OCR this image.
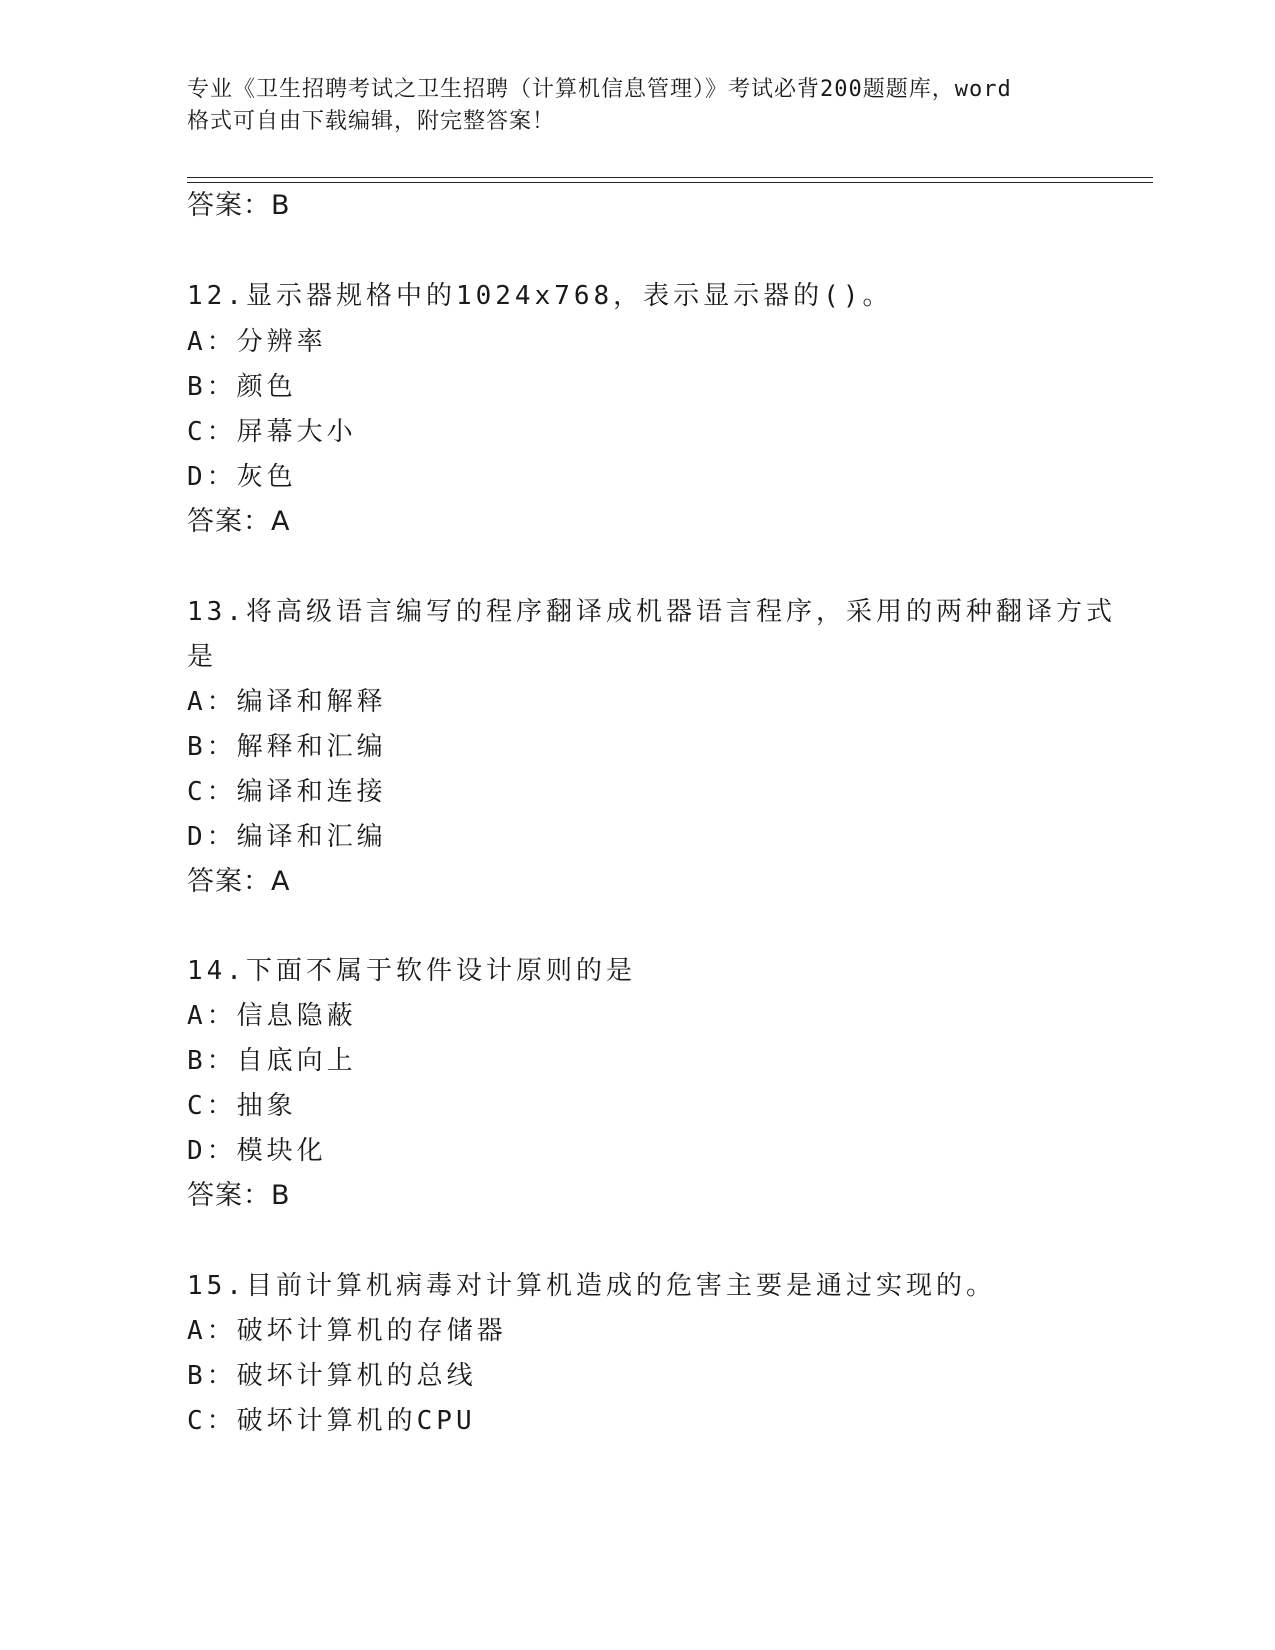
专业《卫生招聘考试之卫生招聘（计算机信息管理）》考试必背200题题库，word
格式可自由下载编辑，附完整答案！
答案：B
12.显示器规格中的1024x768，表示显示器的()。
A：分辨率
B：颜色
C：屏幕大小
D：灰色
答案：A
13.将高级语言编写的程序翻译成机器语言程序，采用的两种翻译方式
是
A：编译和解释
B：解释和汇编
C：编译和连接
D：编译和汇编
答案：A
14.下面不属于软件设计原则的是
A：信息隐蔽
B：自底向上
C：抽象
D：模块化
答案：B
15.目前计算机病毒对计算机造成的危害主要是通过实现的。
A：破坏计算机的存储器
B：破坏计算机的总线
C：破坏计算机的CPU
